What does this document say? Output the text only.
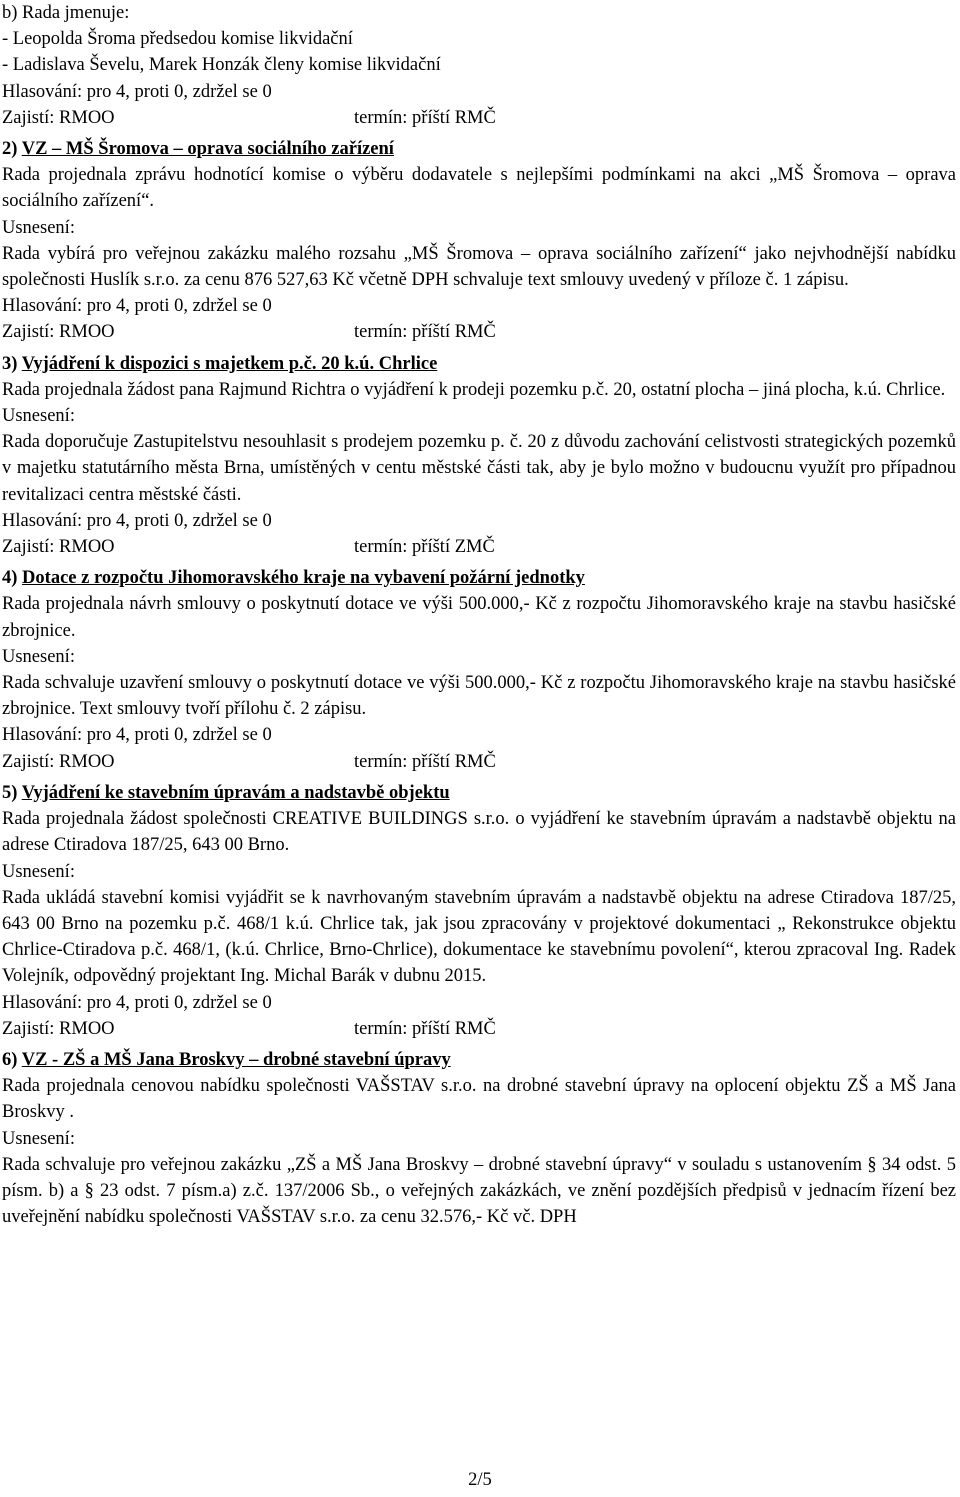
b) Rada jmenuje:
- Leopolda Šroma předsedou komise likvidační
- Ladislava Ševelu, Marek Honzák členy komise likvidační
Hlasování: pro 4, proti 0, zdržel se 0
Zajistí: RMOO	termín: příští RMČ
2) VZ – MŠ Šromova – oprava sociálního zařízení
Rada projednala zprávu hodnotící komise o výběru dodavatele s nejlepšími podmínkami na akci „MŠ Šromova – oprava sociálního zařízení“.
Usnesení:
Rada vybírá pro veřejnou zakázku malého rozsahu „MŠ Šromova – oprava sociálního zařízení“ jako nejvhodnější nabídku společnosti Huslík s.r.o. za cenu 876 527,63 Kč včetně DPH schvaluje text smlouvy uvedený v příloze č. 1 zápisu.
Hlasování: pro 4, proti 0, zdržel se 0
Zajistí: RMOO	termín: příští RMČ
3) Vyjádření k dispozici s majetkem p.č. 20 k.ú. Chrlice
Rada projednala žádost pana Rajmund Richtra o vyjádření k prodeji pozemku p.č. 20, ostatní plocha – jiná plocha, k.ú. Chrlice.
Usnesení:
Rada doporučuje Zastupitelstvu nesouhlasit s prodejem pozemku p. č. 20 z důvodu zachování celistvosti strategických pozemků v majetku statutárního města Brna, umístěných v centu městské části tak, aby je bylo možno v budoucnu využít pro případnou revitalizaci centra městské části.
Hlasování: pro 4, proti 0, zdržel se 0
Zajistí: RMOO	termín: příští ZMČ
4) Dotace z rozpočtu Jihomoravského kraje na vybavení požární jednotky
Rada projednala návrh smlouvy o poskytnutí dotace ve výši 500.000,- Kč z rozpočtu Jihomoravského kraje na stavbu hasičské zbrojnice.
Usnesení:
Rada schvaluje uzavření smlouvy o poskytnutí dotace ve výši 500.000,- Kč z rozpočtu Jihomoravského kraje na stavbu hasičské zbrojnice. Text smlouvy tvoří přílohu č. 2 zápisu.
Hlasování: pro 4, proti 0, zdržel se 0
Zajistí: RMOO	termín: příští RMČ
5) Vyjádření ke stavebním úpravám a nadstavbě objektu
Rada projednala žádost společnosti CREATIVE BUILDINGS s.r.o. o vyjádření ke stavebním úpravám a nadstavbě objektu na adrese Ctiradova 187/25, 643 00 Brno.
Usnesení:
Rada ukládá stavební komisi vyjádřit se k navrhovaným stavebním úpravám a nadstavbě objektu na adrese Ctiradova 187/25, 643 00 Brno na pozemku p.č. 468/1 k.ú. Chrlice tak, jak jsou zpracovány v projektové dokumentaci „ Rekonstrukce objektu Chrlice-Ctiradova p.č. 468/1, (k.ú. Chrlice, Brno-Chrlice), dokumentace ke stavebnímu povolení“, kterou zpracoval Ing. Radek Volejník, odpovědný projektant Ing. Michal Barák v dubnu 2015.
Hlasování: pro 4, proti 0, zdržel se 0
Zajistí: RMOO	termín: příští RMČ
6) VZ - ZŠ a MŠ Jana Broskvy – drobné stavební úpravy
Rada projednala cenovou nabídku společnosti VAŠSTAV s.r.o. na drobné stavební úpravy na oplocení objektu ZŠ a MŠ Jana Broskvy .
Usnesení:
Rada schvaluje pro veřejnou zakázku „ZŠ a MŠ Jana Broskvy – drobné stavební úpravy“ v souladu s ustanovením § 34 odst. 5 písm. b) a § 23 odst. 7 písm.a) z.č. 137/2006 Sb., o veřejných zakázkách, ve znění pozdějších předpisů v jednacím řízení bez uveřejnění nabídku společnosti VAŠSTAV s.r.o. za cenu 32.576,- Kč vč. DPH
2/5
